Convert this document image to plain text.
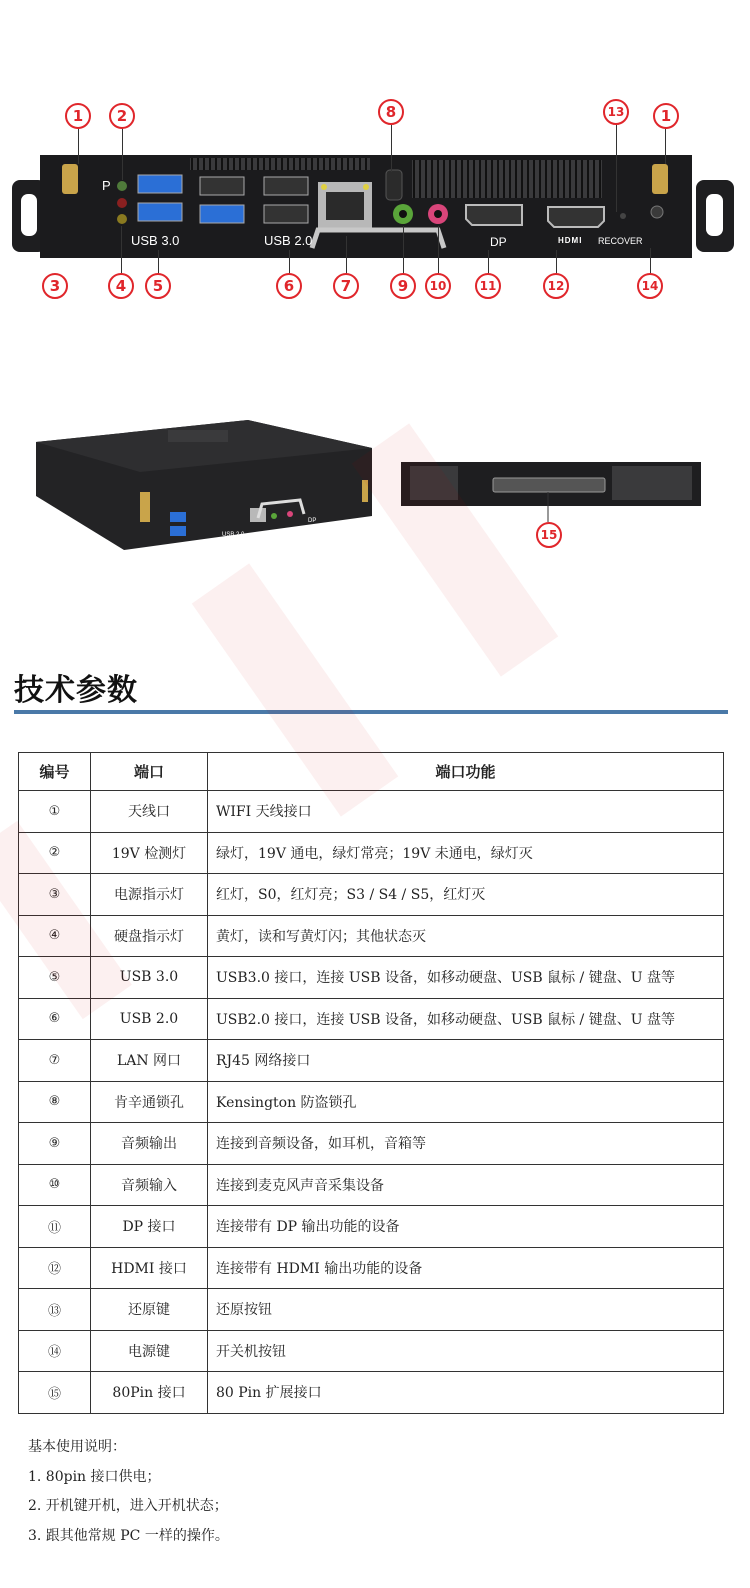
P
USB 3.0	USB 2.0	DP	HDMI RECOVER
1	2	8	13	1
3	4	5	6	7	9	10	11	12	14
USB 3.0
USB 2.0
DP
15
技术参数
编号	端口	端口功能
①	天线口	WIFI 天线接口
②	19V 检测灯	绿灯，19V 通电，绿灯常亮；19V 未通电，绿灯灭
③	电源指示灯	红灯，S0，红灯亮；S3 / S4 / S5，红灯灭
④	硬盘指示灯	黄灯，读和写黄灯闪；其他状态灭
⑤	USB 3.0	USB3.0 接口，连接 USB 设备，如移动硬盘、USB 鼠标 / 键盘、U 盘等
⑥	USB 2.0	USB2.0 接口，连接 USB 设备，如移动硬盘、USB 鼠标 / 键盘、U 盘等
⑦	LAN 网口	RJ45 网络接口
⑧	肯辛通锁孔	Kensington 防盗锁孔
⑨	音频输出	连接到音频设备，如耳机，音箱等
⑩	音频输入	连接到麦克风声音采集设备
⑪	DP 接口	连接带有 DP 输出功能的设备
⑫	HDMI 接口	连接带有 HDMI 输出功能的设备
⑬	还原键	还原按钮
⑭	电源键	开关机按钮
⑮	80Pin 接口	80 Pin 扩展接口
基本使用说明：
1. 80pin 接口供电；
2. 开机键开机，进入开机状态；
3. 跟其他常规 PC 一样的操作。
